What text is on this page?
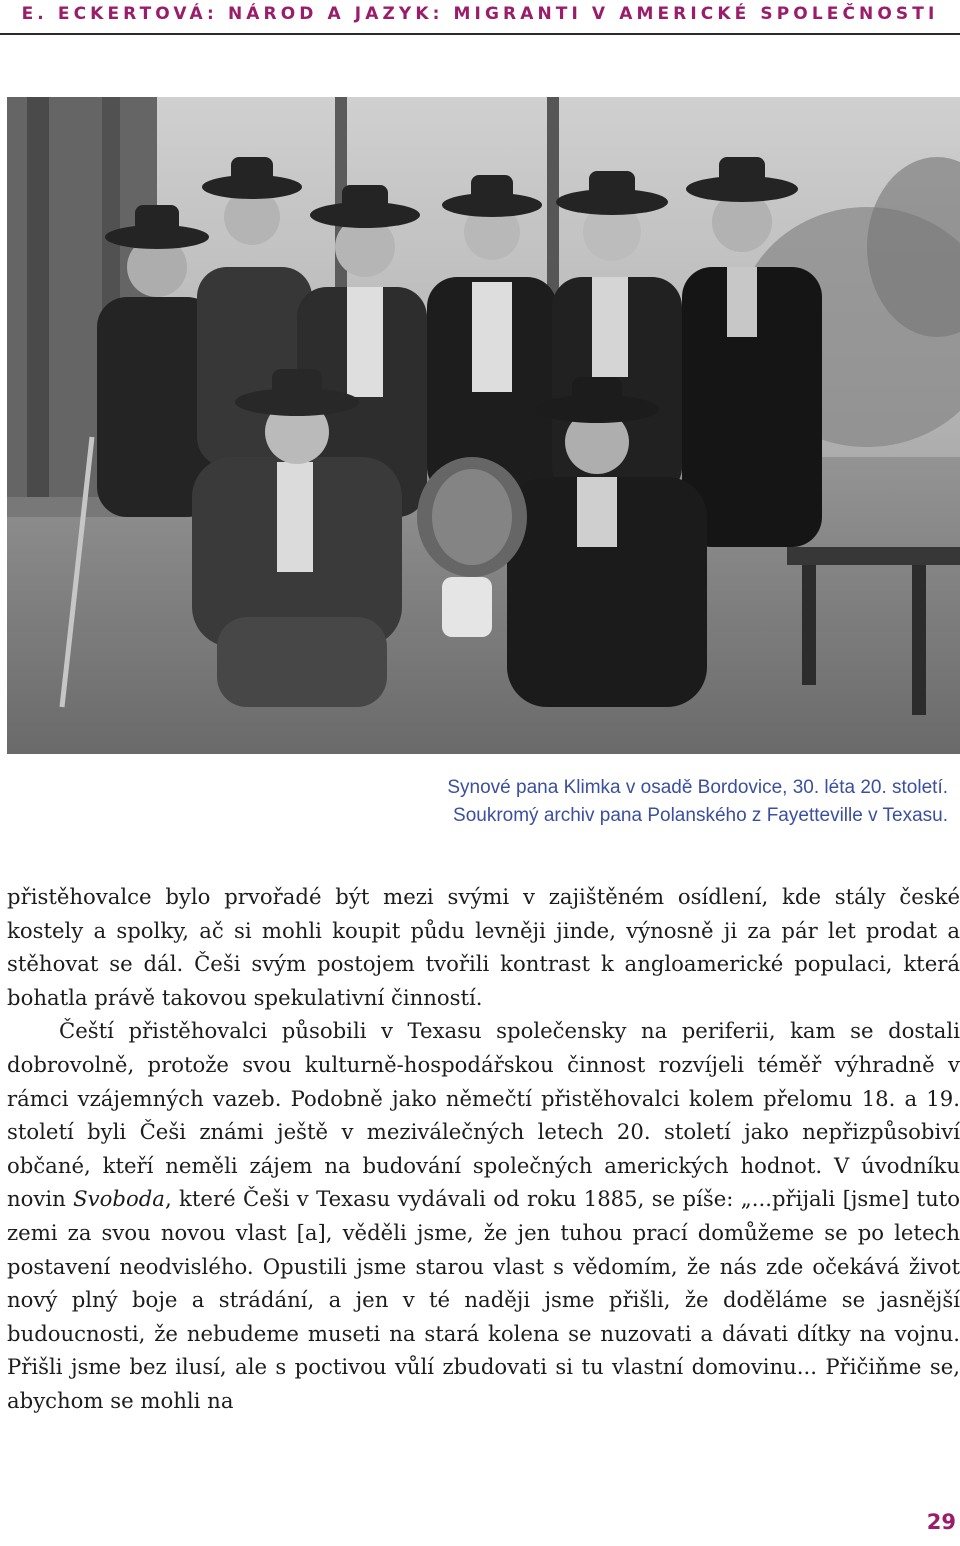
E. ECKERTOVÁ: NÁROD A JAZYK: MIGRANTI V AMERICKÉ SPOLEČNOSTI
Synové pana Klimka v osadě Bordovice, 30. léta 20. století.
Soukromý archiv pana Polanského z Fayetteville v Texasu.

přistěhovalce bylo prvořadé být mezi svými v zajištěném osídlení, kde stály české kostely a spolky, ač si mohli koupit půdu levněji jinde, výnosně ji za pár let prodat a stěhovat se dál. Češi svým postojem tvořili kontrast k angloamerické populaci, která bohatla právě takovou spekulativní činností.

Čeští přistěhovalci působili v Texasu společensky na periferii, kam se dostali dobrovolně, protože svou kulturně-hospodářskou činnost rozvíjeli téměř výhradně v rámci vzájemných vazeb. Podobně jako němečtí přistěhovalci kolem přelomu 18. a 19. století byli Češi známi ještě v meziválečných letech 20. století jako nepřizpůsobiví občané, kteří neměli zájem na budování společných amerických hodnot. V úvodníku novin Svoboda, které Češi v Texasu vydávali od roku 1885, se píše: „...přijali [jsme] tuto zemi za svou novou vlast [a], věděli jsme, že jen tuhou prací domůžeme se po letech postavení neodvislého. Opustili jsme starou vlast s vědomím, že nás zde očekává život nový plný boje a strádání, a jen v té naději jsme přišli, že doděláme se jasnější budoucnosti, že nebudeme museti na stará kolena se nuzovati a dávati dítky na vojnu. Přišli jsme bez ilusí, ale s poctivou vůlí zbudovati si tu vlastní domovinu... Přičiňme se, abychom se mohli na

29
